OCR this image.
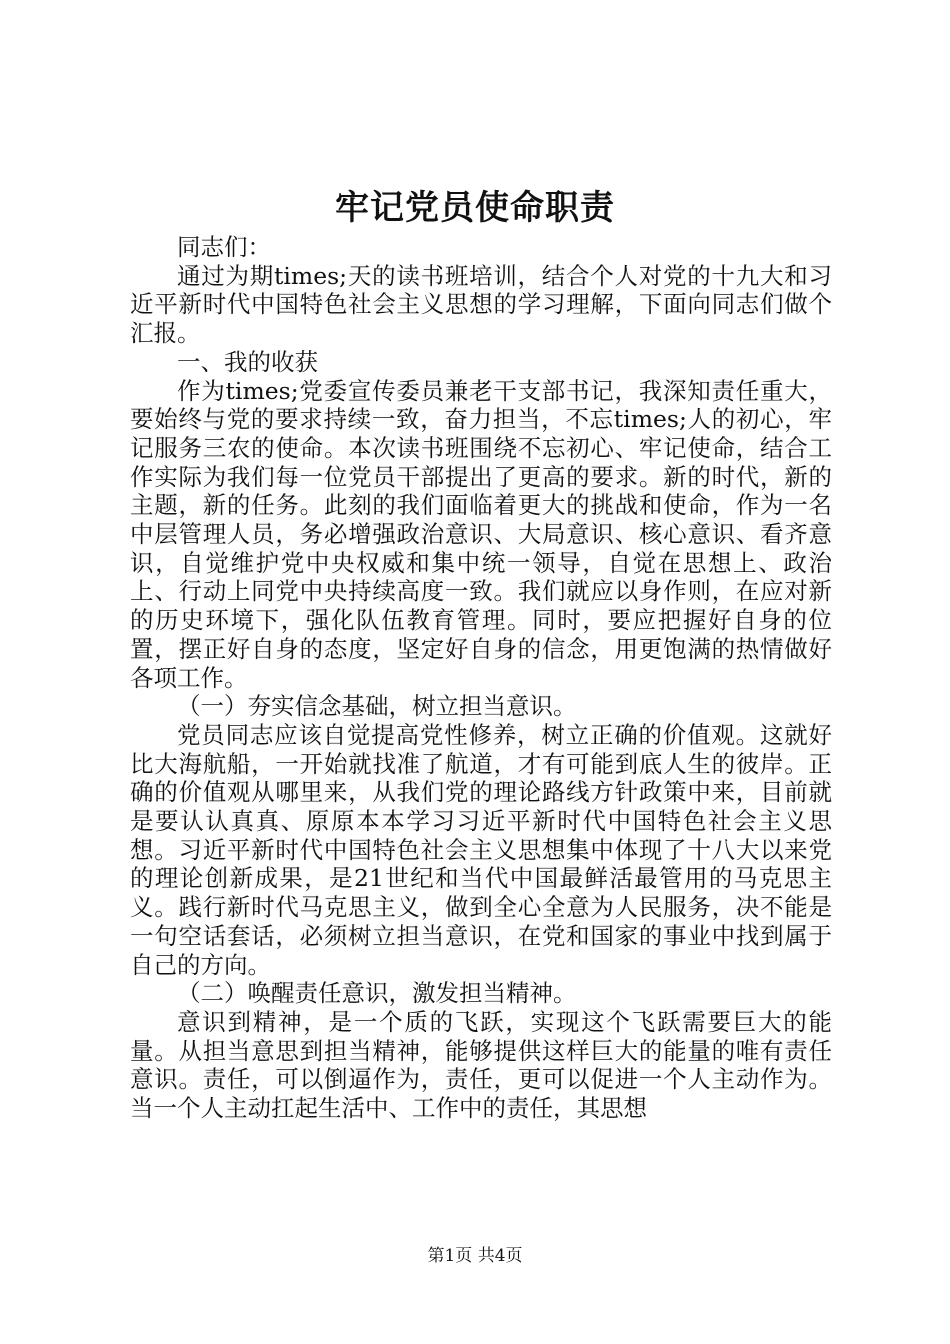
牢记党员使命职责

同志们：

通过为期times;天的读书班培训，结合个人对党的十九大和习近平新时代中国特色社会主义思想的学习理解，下面向同志们做个汇报。

一、我的收获

作为times;党委宣传委员兼老干支部书记，我深知责任重大，要始终与党的要求持续一致，奋力担当，不忘times;人的初心，牢记服务三农的使命。本次读书班围绕不忘初心、牢记使命，结合工作实际为我们每一位党员干部提出了更高的要求。新的时代，新的主题，新的任务。此刻的我们面临着更大的挑战和使命，作为一名中层管理人员，务必增强政治意识、大局意识、核心意识、看齐意识，自觉维护党中央权威和集中统一领导，自觉在思想上、政治上、行动上同党中央持续高度一致。我们就应以身作则，在应对新的历史环境下，强化队伍教育管理。同时，要应把握好自身的位置，摆正好自身的态度，坚定好自身的信念，用更饱满的热情做好各项工作。

（一）夯实信念基础，树立担当意识。

党员同志应该自觉提高党性修养，树立正确的价值观。这就好比大海航船，一开始就找准了航道，才有可能到底人生的彼岸。正确的价值观从哪里来，从我们党的理论路线方针政策中来，目前就是要认认真真、原原本本学习习近平新时代中国特色社会主义思想。习近平新时代中国特色社会主义思想集中体现了十八大以来党的理论创新成果，是21世纪和当代中国最鲜活最管用的马克思主义。践行新时代马克思主义，做到全心全意为人民服务，决不能是一句空话套话，必须树立担当意识，在党和国家的事业中找到属于自己的方向。

（二）唤醒责任意识，激发担当精神。

意识到精神，是一个质的飞跃，实现这个飞跃需要巨大的能量。从担当意思到担当精神，能够提供这样巨大的能量的唯有责任意识。责任，可以倒逼作为，责任，更可以促进一个人主动作为。当一个人主动扛起生活中、工作中的责任，其思想

第1页 共4页
